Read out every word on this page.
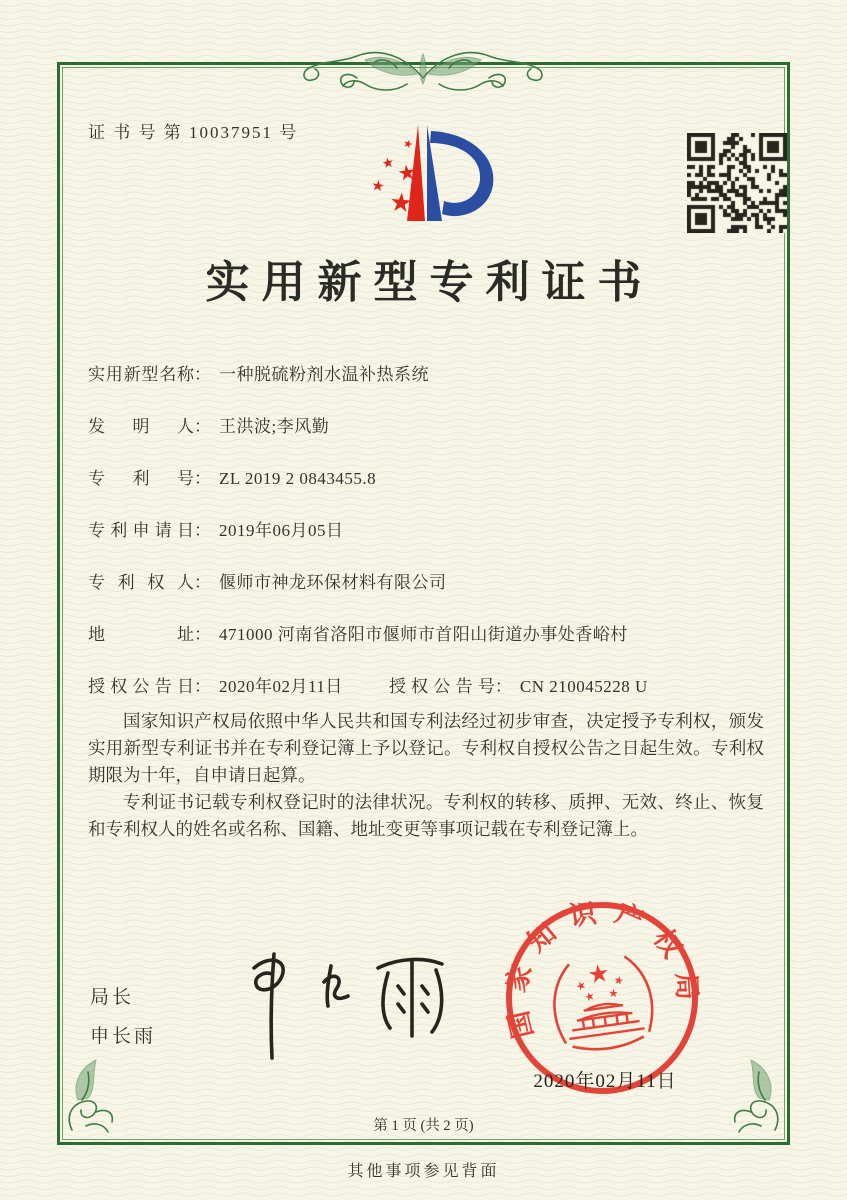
证 书 号 第 10037951 号
实用新型专利证书
实用新型名称： 一种脱硫粉剂水温补热系统
发明人： 王洪波;李风勤
专利号： ZL 2019 2 0843455.8
专利申请日： 2019年06月05日
专利权人： 偃师市神龙环保材料有限公司
地址： 471000 河南省洛阳市偃师市首阳山街道办事处香峪村
授权公告日： 2020年02月11日	授权公告号： CN 210045228 U

国家知识产权局依照中华人民共和国专利法经过初步审查，决定授予专利权，颁发实用新型专利证书并在专利登记簿上予以登记。专利权自授权公告之日起生效。专利权期限为十年，自申请日起算。

专利证书记载专利权登记时的法律状况。专利权的转移、质押、无效、终止、恢复和专利权人的姓名或名称、国籍、地址变更等事项记载在专利登记簿上。

局长
申长雨	国家知识产权局
2020年02月11日
第 1 页 (共 2 页)
其他事项参见背面
